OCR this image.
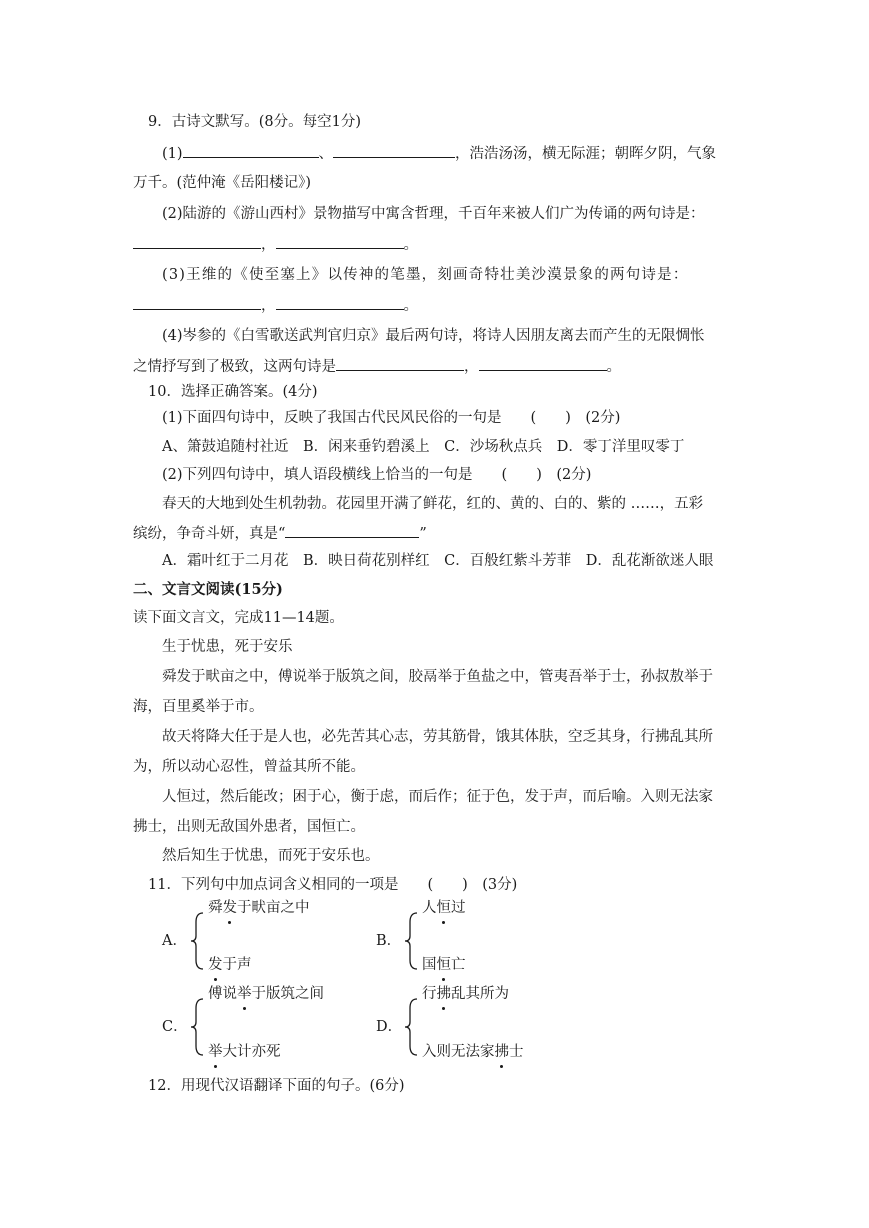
9．古诗文默写。(8分。每空1分)
(1)	、	，浩浩汤汤，横无际涯；朝晖夕阴，气象
万千。(范仲淹《岳阳楼记》)
(2)陆游的《游山西村》景物描写中寓含哲理，千百年来被人们广为传诵的两句诗是：
，	。
(3)王维的《使至塞上》以传神的笔墨，刻画奇特壮美沙漠景象的两句诗是：
，	。
(4)岑参的《白雪歌送武判官归京》最后两句诗，将诗人因朋友离去而产生的无限惆怅
之情抒写到了极致，这两句诗是	，	。
10．选择正确答案。(4分)
(1)下面四句诗中，反映了我国古代民风民俗的一句是　　(　　)　(2分)
A、箫鼓追随村社近　B．闲来垂钓碧溪上　C．沙场秋点兵　D．零丁洋里叹零丁
(2)下列四句诗中，填人语段横线上恰当的一句是　　(　　)　(2分)
春天的大地到处生机勃勃。花园里开满了鲜花，红的、黄的、白的、紫的 ……，五彩
缤纷，争奇斗妍，真是“	”
A．霜叶红于二月花　B．映日荷花别样红　C．百般红紫斗芳菲　D．乱花渐欲迷人眼
二、文言文阅读(15分)
读下面文言文，完成11—14题。
生于忧患，死于安乐
舜发于畎亩之中，傅说举于版筑之间，胶鬲举于鱼盐之中，管夷吾举于士，孙叔敖举于
海，百里奚举于市。
故天将降大任于是人也，必先苦其心志，劳其筋骨，饿其体肤，空乏其身，行拂乱其所
为，所以动心忍性，曾益其所不能。
人恒过，然后能改；困于心，衡于虑，而后作；征于色，发于声，而后喻。入则无法家
拂士，出则无敌国外患者，国恒亡。
然后知生于忧患，而死于安乐也。
11．下列句中加点词含义相同的一项是　　(　　)　(3分)
A．
舜发于畎亩之中
发于声
B．
人恒过
国恒亡
C．
傅说举于版筑之间
举大计亦死
D．
行拂乱其所为
入则无法家拂士
12．用现代汉语翻译下面的句子。(6分)
